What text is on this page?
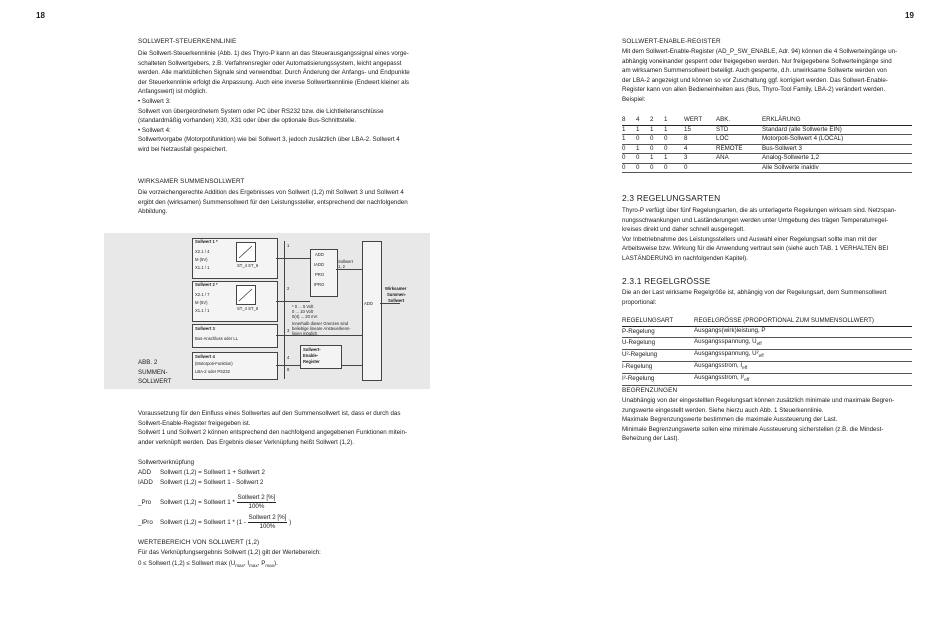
18
SOLLWERT-STEUERKENNLINIE
Die Sollwert-Steuerkennlinie (Abb. 1) des Thyro-P kann an das Steuerausgangssignal eines vorge-
schalteten Sollwertgebers, z.B. Verfahrensregler oder Automatisierungssystem, leicht angepasst
werden. Alle marktüblichen Signale sind verwendbar. Durch Änderung der Anfangs- und Endpunkte
der Steuerkennlinie erfolgt die Anpassung. Auch eine inverse Sollwertkennlinie (Endwert kleiner als
Anfangswert) ist möglich.
• Sollwert 3:
Sollwert von übergeordnetem System oder PC über RS232 bzw. die Lichtleiteranschlüsse
(standardmäßig vorhanden) X30, X31 oder über die optionale Bus-Schnittstelle.
• Sollwert 4:
Sollwertvorgabe (Motorpotifunktion) wie bei Sollwert 3, jedoch zusätzlich über LBA-2. Sollwert 4
wird bei Netzausfall gespeichert.
WIRKSAMER SUMMENSOLLWERT
Die vorzeichengerechte Addition des Ergebnisses von Sollwert (1,2) mit Sollwert 3 und Sollwert 4
ergibt den (wirksamen) Summensollwert für den Leistungssteller, entsprechend der nachfolgenden
Abbildung.
Sollwert 1 *
X2.1 / 4
M (5V)
X1.1 / 1	ST_4 ST_6
Sollwert 2 *
X2.1 / 7
M (5V)
X1.1 / 1	ST_4 ST_6
Sollwert 3
Bus-Anschluss oder LL
Sollwert 4
(Motorpoti-Funktion)
LBA-2 oder PS232
1
2
3
4
8
ADD
IADD
PRO
IPRO
Sollwert
1, 2
ADD
Wirksamer
Summen-
Sollwert
Sollwert-
Enable-
Register
* 0 ... 5 Volt
0 ... 10 Volt
0(4) ... 20 mA
Innerhalb dieser Grenzen sind
beliebige lineare Ansteuerkenn-
linien möglich
ABB. 2
SUMMEN-
SOLLWERT
Voraussetzung für den Einfluss eines Sollwertes auf den Summensollwert ist, dass er durch das
Sollwert-Enable-Register freigegeben ist.
Sollwert 1 und Sollwert 2 können entsprechend den nachfolgend angegebenen Funktionen mitein-
ander verknüpft werden. Das Ergebnis dieser Verknüpfung heißt Sollwert (1,2).
Sollwertverknüpfung
ADD Sollwert (1,2) = Sollwert 1 + Sollwert 2
IADD Sollwert (1,2) = Sollwert 1 - Sollwert 2
_Pro Sollwert (1,2) = Sollwert $1 * \frac{\text{Sollwert 2 [\%]}}{100\%}$
_IPro Sollwert (1,2) = Sollwert $1 * (1 - \frac{\text{Sollwert 2 [\%]}}{100\%}$ )
WERTEBEREICH VON SOLLWERT (1,2)
Für das Verknüpfungsergebnis Sollwert (1,2) gilt der Wertebereich:
0 ≤ Sollwert (1,2) ≤ Sollwert $\max (U_{max}$, $I_{max}$, $P_{max}$).
19
SOLLWERT-ENABLE-REGISTER
Mit dem Sollwert-Enable-Register (AD_P_SW_ENABLE, Adr. 94) können die 4 Sollwerteingänge un-
abhängig voneinander gesperrt oder freigegeben werden. Nur freigegebene Sollwerteingänge sind
am wirksamen Summensollwert beteiligt. Auch gesperrte, d.h. unwirksame Sollwerte werden von
der LBA-2 angezeigt und können so vor Zuschaltung ggf. korrigiert werden. Das Sollwert-Enable-
Register kann von allen Bedieneinheiten aus (Bus, Thyro-Tool Family, LBA-2) verändert werden.
Beispiel:
8	4	2	1	WERT	ABK.	ERKLÄRUNG
1	1	1	1	15	STD	Standard (alle Sollwerte EIN)
1	0	0	0	8	LOC	Motorpoti-Sollwert 4 (LOCAL)
0	1	0	0	4	REMOTE	Bus-Sollwert 3
0	0	1	1	3	ANA	Analog-Sollwerte 1,2
0	0	0	0	0		Alle Sollwerte inaktiv
2.3 REGELUNGSARTEN
Thyro-P verfügt über fünf Regelungsarten, die als unterlagerte Regelungen wirksam sind. Netzspan-
nungsschwankungen und Laständerungen werden unter Umgebung des trägen Temperaturregel-
kreises direkt und daher schnell ausgeregelt.
Vor Inbetriebnahme des Leistungsstellers und Auswahl einer Regelungsart sollte man mit der
Arbeitsweise bzw. Wirkung für die Anwendung vertraut sein (siehe auch TAB. 1 VERHALTEN BEI
LASTÄNDERUNG im nachfolgenden Kapitel).
2.3.1 REGELGRÖSSE
Die an der Last wirksame Regelgröße ist, abhängig von der Regelungsart, dem Summensollwert
proportional:
REGELUNGSART	REGELGRÖSSE (PROPORTIONAL ZUM SUMMENSOLLWERT)
P-Regelung	Ausgangs(wirk)leistung, P
U-Regelung	Ausgangsspannung, $U_{eff}$
U²-Regelung	Ausgangsspannung, $U^2_{eff}$
I-Regelung	Ausgangsstrom, $I_{eff}$
I²-Regelung	Ausgangsstrom, $I^2_{eff}$
BEGRENZUNGEN
Unabhängig von der eingestellten Regelungsart können zusätzlich minimale und maximale Begren-
zungswerte eingestellt werden. Siehe hierzu auch Abb. 1 Steuerkennlinie.
Maximale Begrenzungswerte bestimmen die maximale Aussteuerung der Last.
Minimale Begrenzungswerte sollen eine minimale Aussteuerung sicherstellen (z.B. die Mindest-
Beheizung der Last).
